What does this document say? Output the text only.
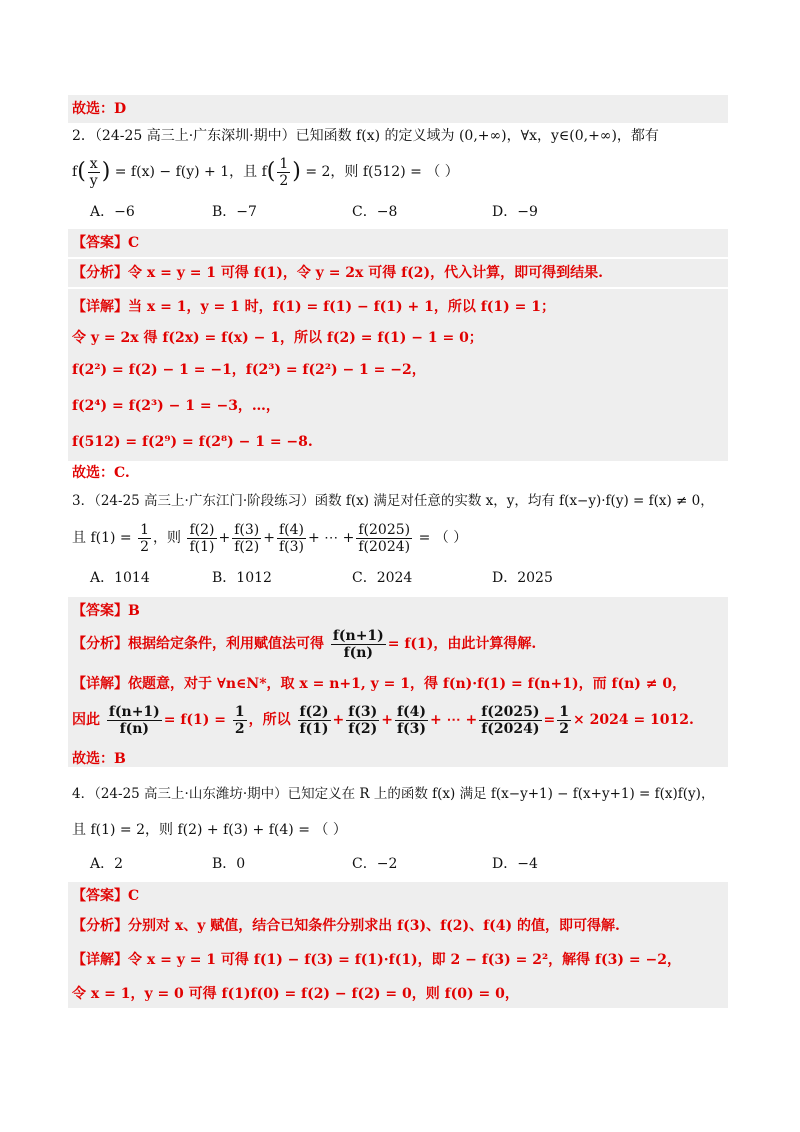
故选：D
2．（24-25 高三上·广东深圳·期中）已知函数 f(x) 的定义域为 (0,+∞)，∀x，y∈(0,+∞)，都有
$f( \frac{x}{y}$ ) = f(x) − f(y) + 1，且 $f( \frac{1}{2}$ ) = 2，则 f(512) = （ ）
A．−6	B．−7	C．−8	D．−9
【答案】C
【分析】令 x = y = 1 可得 f(1)，令 y = 2x 可得 f(2)，代入计算，即可得到结果.
【详解】当 x = 1，y = 1 时，f(1) = f(1) − f(1) + 1，所以 f(1) = 1；
令 y = 2x 得 f(2x) = f(x) − 1，所以 f(2) = f(1) − 1 = 0；
f(2²) = f(2) − 1 = −1，f(2³) = f(2²) − 1 = −2，
f(2⁴) = f(2³) − 1 = −3，…，
f(512) = f(2⁹) = f(2⁸) − 1 = −8.
故选：C.
3．（24-25 高三上·广东江门·阶段练习）函数 f(x) 满足对任意的实数 x，y，均有 f(x−y)·f(y) = f(x) ≠ 0，
且 $f(1) = \frac{1}{2}$ ，则 $\frac{f(2)}{f(1)} + \frac{f(3)}{f(2)} + \frac{f(4)}{f(3)}$ + ⋯ + $\frac{f(2025)}{f(2024)}$ = （ ）
A．1014	B．1012	C．2024	D．2025
【答案】B
【分析】根据给定条件，利用赋值法可得 $\frac{f(n+1)}{f(n)} = f(1)$，由此计算得解.
【详解】依题意，对于 ∀n∈N*，取 x = n+1, y = 1，得 f(n)·f(1) = f(n+1)，而 f(n) ≠ 0，
因此 $\frac{f(n+1)}{f(n)} = f(1) = \frac{1}{2}$ ，所以 $\frac{f(2)}{f(1)} + \frac{f(3)}{f(2)} + \frac{f(4)}{f(3)}$ + ⋯ + $\frac{f(2025)}{f(2024)} = \frac{1}{2} \times 2024 = 1012$.
故选：B
4．（24-25 高三上·山东潍坊·期中）已知定义在 R 上的函数 f(x) 满足 f(x−y+1) − f(x+y+1) = f(x)f(y)，
且 f(1) = 2，则 f(2) + f(3) + f(4) = （ ）
A．2	B．0	C．−2	D．−4
【答案】C
【分析】分别对 x、y 赋值，结合已知条件分别求出 f(3)、f(2)、f(4) 的值，即可得解.
【详解】令 x = y = 1 可得 f(1) − f(3) = f(1)·f(1)，即 2 − f(3) = 2²，解得 f(3) = −2，
令 x = 1，y = 0 可得 f(1)f(0) = f(2) − f(2) = 0，则 f(0) = 0，
